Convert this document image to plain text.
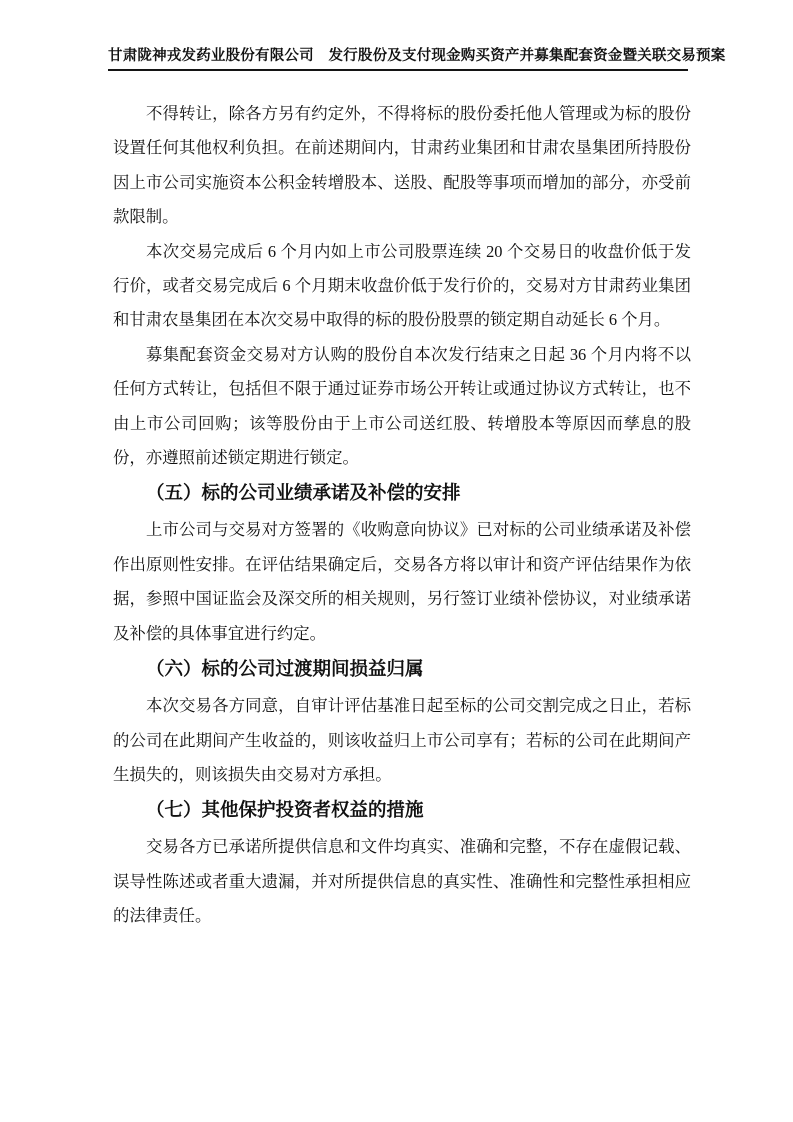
甘肃陇神戎发药业股份有限公司　发行股份及支付现金购买资产并募集配套资金暨关联交易预案

不得转让，除各方另有约定外，不得将标的股份委托他人管理或为标的股份设置任何其他权利负担。在前述期间内，甘肃药业集团和甘肃农垦集团所持股份因上市公司实施资本公积金转增股本、送股、配股等事项而增加的部分，亦受前款限制。

本次交易完成后 6 个月内如上市公司股票连续 20 个交易日的收盘价低于发行价，或者交易完成后 6 个月期末收盘价低于发行价的，交易对方甘肃药业集团和甘肃农垦集团在本次交易中取得的标的股份股票的锁定期自动延长 6 个月。

募集配套资金交易对方认购的股份自本次发行结束之日起 36 个月内将不以任何方式转让，包括但不限于通过证券市场公开转让或通过协议方式转让，也不由上市公司回购；该等股份由于上市公司送红股、转增股本等原因而孳息的股份，亦遵照前述锁定期进行锁定。

（五）标的公司业绩承诺及补偿的安排

上市公司与交易对方签署的《收购意向协议》已对标的公司业绩承诺及补偿作出原则性安排。在评估结果确定后，交易各方将以审计和资产评估结果作为依据，参照中国证监会及深交所的相关规则，另行签订业绩补偿协议，对业绩承诺及补偿的具体事宜进行约定。

（六）标的公司过渡期间损益归属

本次交易各方同意，自审计评估基准日起至标的公司交割完成之日止，若标的公司在此期间产生收益的，则该收益归上市公司享有；若标的公司在此期间产生损失的，则该损失由交易对方承担。

（七）其他保护投资者权益的措施

交易各方已承诺所提供信息和文件均真实、准确和完整，不存在虚假记载、误导性陈述或者重大遗漏，并对所提供信息的真实性、准确性和完整性承担相应的法律责任。
